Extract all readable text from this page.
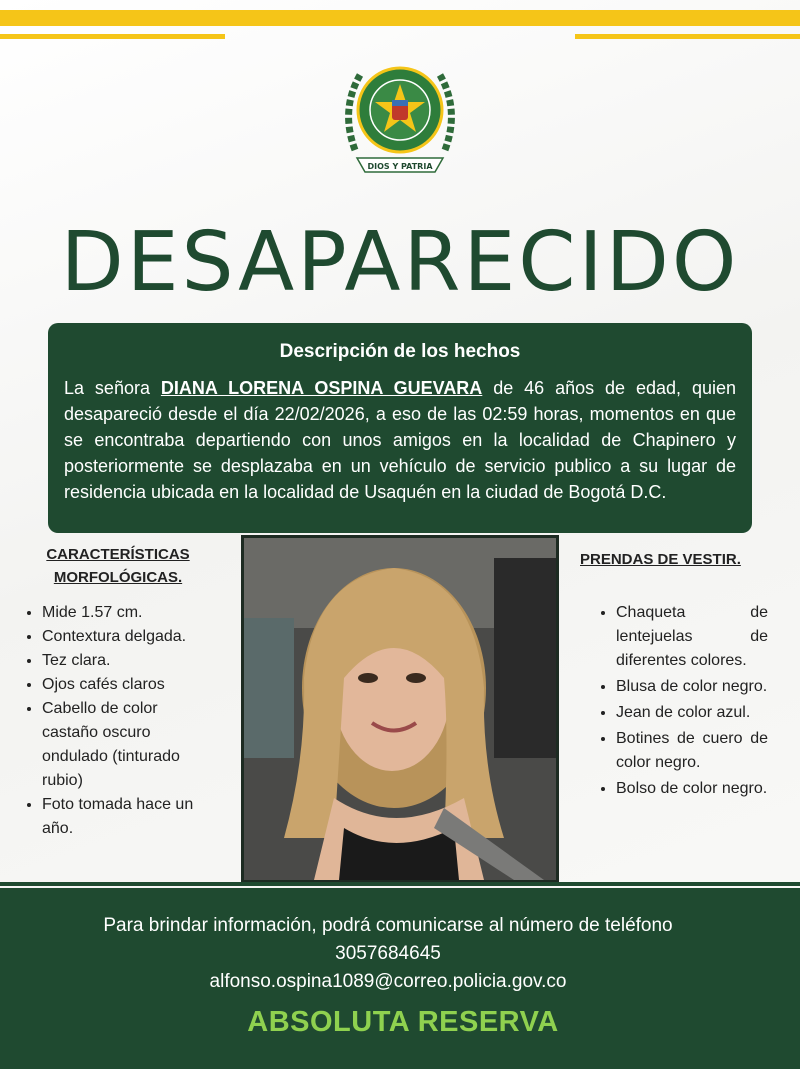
DIOS Y PATRIA
DESAPARECIDO
Descripción de los hechos
La señora DIANA LORENA OSPINA GUEVARA de 46 años de edad, quien desapareció desde el día 22/02/2026, a eso de las 02:59 horas, momentos en que se encontraba departiendo con unos amigos en la localidad de Chapinero y posteriormente se desplazaba en un vehículo de servicio publico a su lugar de residencia ubicada en la localidad de Usaquén en la ciudad de Bogotá D.C.
CARACTERÍSTICAS
MORFOLÓGICAS.
• Mide 1.57 cm.
• Contextura delgada.
• Tez clara.
• Ojos cafés claros
• Cabello de color castaño oscuro ondulado (tinturado rubio)
• Foto tomada hace un año.
PRENDAS DE VESTIR.
• Chaqueta de lentejuelas de diferentes colores.
• Blusa de color negro.
• Jean de color azul.
• Botines de cuero de color negro.
• Bolso de color negro.
Para brindar información, podrá comunicarse al número de teléfono
3057684645
alfonso.ospina1089@correo.policia.gov.co
ABSOLUTA RESERVA
